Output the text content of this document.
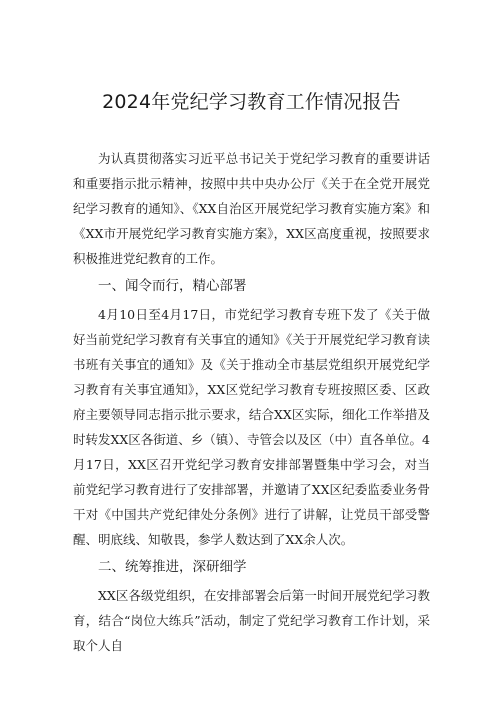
2024年党纪学习教育工作情况报告

为认真贯彻落实习近平总书记关于党纪学习教育的重要讲话和重要指示批示精神，按照中共中央办公厅《关于在全党开展党纪学习教育的通知》、《XX自治区开展党纪学习教育实施方案》和《XX市开展党纪学习教育实施方案》，XX区高度重视，按照要求积极推进党纪教育的工作。

一、闻令而行，精心部署

4月10日至4月17日，市党纪学习教育专班下发了《关于做好当前党纪学习教育有关事宜的通知》《关于开展党纪学习教育读书班有关事宜的通知》及《关于推动全市基层党组织开展党纪学习教育有关事宜通知》，XX区党纪学习教育专班按照区委、区政府主要领导同志指示批示要求，结合XX区实际，细化工作举措及时转发XX区各街道、乡（镇）、寺管会以及区（中）直各单位。4月17日，XX区召开党纪学习教育安排部署暨集中学习会，对当前党纪学习教育进行了安排部署，并邀请了XX区纪委监委业务骨干对《中国共产党纪律处分条例》进行了讲解，让党员干部受警醒、明底线、知敬畏，参学人数达到了XX余人次。

二、统筹推进，深研细学

XX区各级党组织，在安排部署会后第一时间开展党纪学习教育，结合“岗位大练兵”活动，制定了党纪学习教育工作计划，采取个人自
